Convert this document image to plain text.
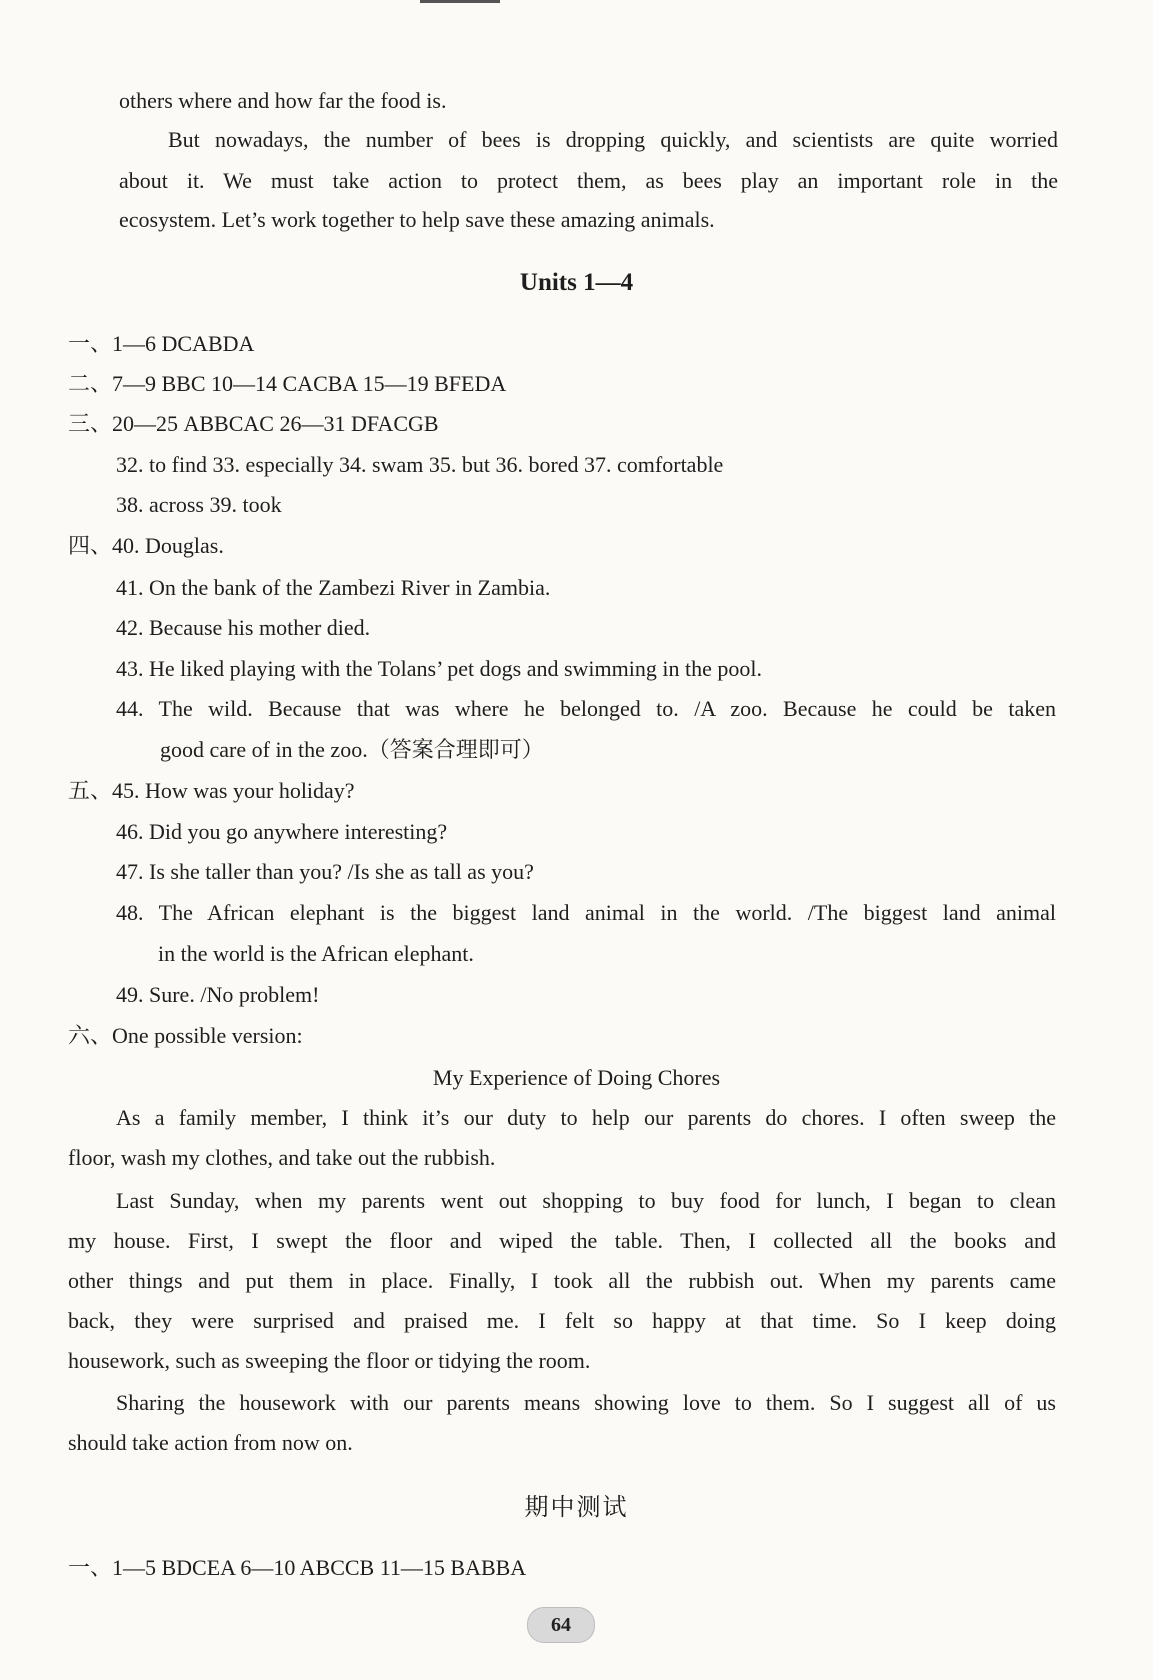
others where and how far the food is.
But nowadays, the number of bees is dropping quickly, and scientists are quite worried
about it. We must take action to protect them, as bees play an important role in the
ecosystem. Let’s work together to help save these amazing animals.
Units 1—4
一、1—6 DCABDA
二、7—9 BBC 10—14 CACBA 15—19 BFEDA
三、20—25 ABBCAC 26—31 DFACGB
32. to find 33. especially 34. swam 35. but 36. bored 37. comfortable
38. across 39. took
四、40. Douglas.
41. On the bank of the Zambezi River in Zambia.
42. Because his mother died.
43. He liked playing with the Tolans’ pet dogs and swimming in the pool.
44. The wild. Because that was where he belonged to. /A zoo. Because he could be taken
good care of in the zoo.（答案合理即可）
五、45. How was your holiday?
46. Did you go anywhere interesting?
47. Is she taller than you? /Is she as tall as you?
48. The African elephant is the biggest land animal in the world. /The biggest land animal
in the world is the African elephant.
49. Sure. /No problem!
六、One possible version:
My Experience of Doing Chores
As a family member, I think it’s our duty to help our parents do chores. I often sweep the
floor, wash my clothes, and take out the rubbish.
Last Sunday, when my parents went out shopping to buy food for lunch, I began to clean
my house. First, I swept the floor and wiped the table. Then, I collected all the books and
other things and put them in place. Finally, I took all the rubbish out. When my parents came
back, they were surprised and praised me. I felt so happy at that time. So I keep doing
housework, such as sweeping the floor or tidying the room.
Sharing the housework with our parents means showing love to them. So I suggest all of us
should take action from now on.
期中测试
一、1—5 BDCEA 6—10 ABCCB 11—15 BABBA
64
